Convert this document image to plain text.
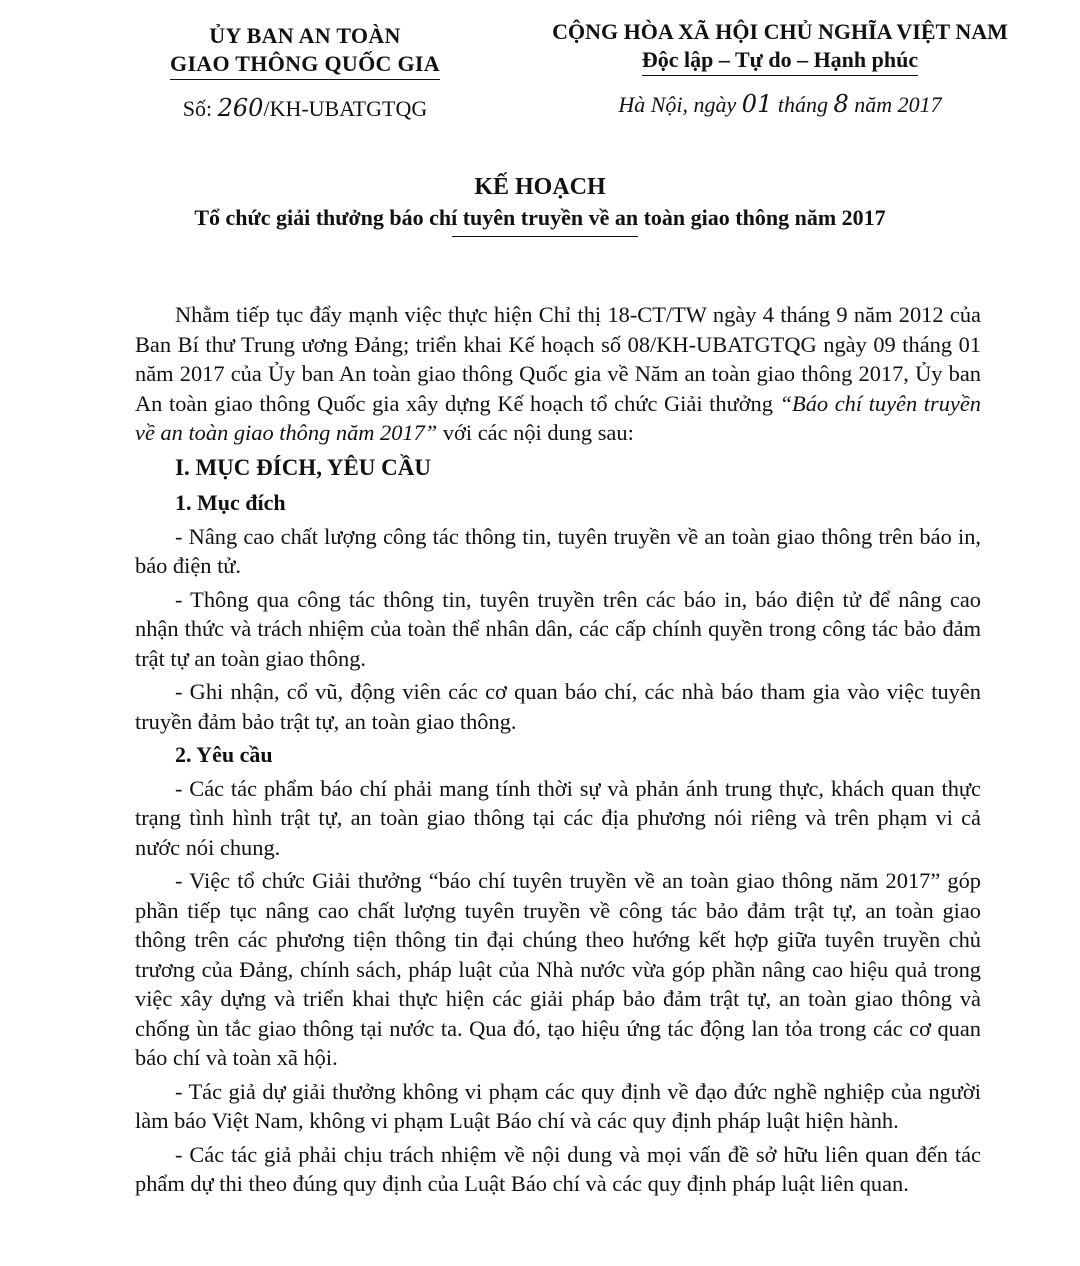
ỦY BAN AN TOÀN
GIAO THÔNG QUỐC GIA
Số: 260/KH-UBATGTQG
CỘNG HÒA XÃ HỘI CHỦ NGHĨA VIỆT NAM
Độc lập – Tự do – Hạnh phúc
Hà Nội, ngày 01 tháng 8 năm 2017
KẾ HOẠCH
Tổ chức giải thưởng báo chí tuyên truyền về an toàn giao thông năm 2017

Nhằm tiếp tục đẩy mạnh việc thực hiện Chỉ thị 18-CT/TW ngày 4 tháng 9 năm 2012 của Ban Bí thư Trung ương Đảng; triển khai Kế hoạch số 08/KH-UBATGTQG ngày 09 tháng 01 năm 2017 của Ủy ban An toàn giao thông Quốc gia về Năm an toàn giao thông 2017, Ủy ban An toàn giao thông Quốc gia xây dựng Kế hoạch tổ chức Giải thưởng “Báo chí tuyên truyền về an toàn giao thông năm 2017” với các nội dung sau:

I. MỤC ĐÍCH, YÊU CẦU
1. Mục đích

- Nâng cao chất lượng công tác thông tin, tuyên truyền về an toàn giao thông trên báo in, báo điện tử.

- Thông qua công tác thông tin, tuyên truyền trên các báo in, báo điện tử để nâng cao nhận thức và trách nhiệm của toàn thể nhân dân, các cấp chính quyền trong công tác bảo đảm trật tự an toàn giao thông.

- Ghi nhận, cổ vũ, động viên các cơ quan báo chí, các nhà báo tham gia vào việc tuyên truyền đảm bảo trật tự, an toàn giao thông.

2. Yêu cầu

- Các tác phẩm báo chí phải mang tính thời sự và phản ánh trung thực, khách quan thực trạng tình hình trật tự, an toàn giao thông tại các địa phương nói riêng và trên phạm vi cả nước nói chung.

- Việc tổ chức Giải thưởng “báo chí tuyên truyền về an toàn giao thông năm 2017” góp phần tiếp tục nâng cao chất lượng tuyên truyền về công tác bảo đảm trật tự, an toàn giao thông trên các phương tiện thông tin đại chúng theo hướng kết hợp giữa tuyên truyền chủ trương của Đảng, chính sách, pháp luật của Nhà nước vừa góp phần nâng cao hiệu quả trong việc xây dựng và triển khai thực hiện các giải pháp bảo đảm trật tự, an toàn giao thông và chống ùn tắc giao thông tại nước ta. Qua đó, tạo hiệu ứng tác động lan tỏa trong các cơ quan báo chí và toàn xã hội.

- Tác giả dự giải thưởng không vi phạm các quy định về đạo đức nghề nghiệp của người làm báo Việt Nam, không vi phạm Luật Báo chí và các quy định pháp luật hiện hành.

- Các tác giả phải chịu trách nhiệm về nội dung và mọi vấn đề sở hữu liên quan đến tác phẩm dự thi theo đúng quy định của Luật Báo chí và các quy định pháp luật liên quan.
